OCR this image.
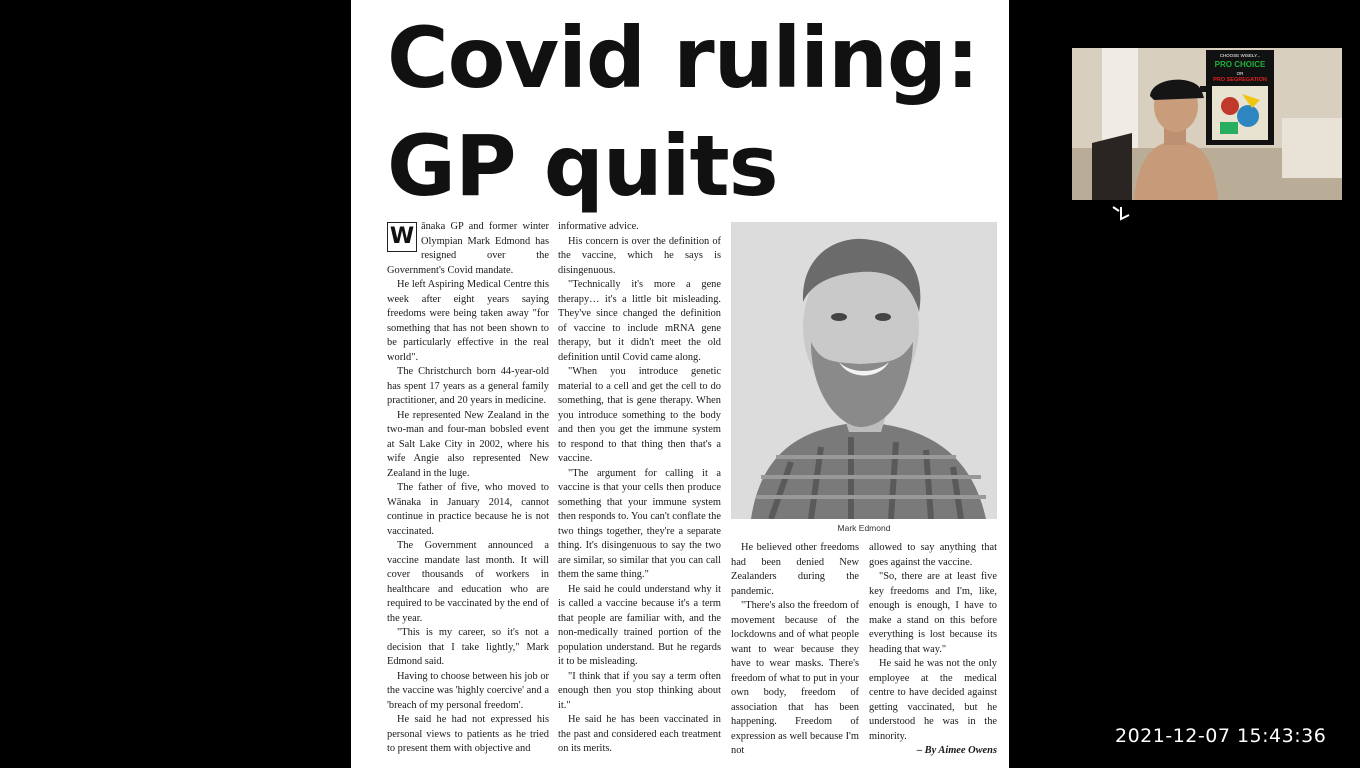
Covid ruling:
GP quits

W ānaka GP and former winter Olympian Mark Edmond has resigned over the Government's Covid mandate.

He left Aspiring Medical Centre this week after eight years saying freedoms were being taken away "for something that has not been shown to be particularly effective in the real world".

The Christchurch born 44-year-old has spent 17 years as a general family practitioner, and 20 years in medicine.

He represented New Zealand in the two-man and four-man bobsled event at Salt Lake City in 2002, where his wife Angie also represented New Zealand in the luge.

The father of five, who moved to Wānaka in January 2014, cannot continue in practice because he is not vaccinated.

The Government announced a vaccine mandate last month. It will cover thousands of workers in healthcare and education who are required to be vaccinated by the end of the year.

"This is my career, so it's not a decision that I take lightly," Mark Edmond said.

Having to choose between his job or the vaccine was 'highly coercive' and a 'breach of my personal freedom'.

He said he had not expressed his personal views to patients as he tried to present them with objective and

informative advice.

His concern is over the definition of the vaccine, which he says is disingenuous.

"Technically it's more a gene therapy… it's a little bit misleading. They've since changed the definition of vaccine to include mRNA gene therapy, but it didn't meet the old definition until Covid came along.

"When you introduce genetic material to a cell and get the cell to do something, that is gene therapy. When you introduce something to the body and then you get the immune system to respond to that thing then that's a vaccine.

"The argument for calling it a vaccine is that your cells then produce something that your immune system then responds to. You can't conflate the two things together, they're a separate thing. It's disingenuous to say the two are similar, so similar that you can call them the same thing."

He said he could understand why it is called a vaccine because it's a term that people are familiar with, and the non-medically trained portion of the population understand. But he regards it to be misleading.

"I think that if you say a term often enough then you stop thinking about it."

He said he has been vaccinated in the past and considered each treatment on its merits.

Mark Edmond

He believed other freedoms had been denied New Zealanders during the pandemic.

"There's also the freedom of movement because of the lockdowns and of what people want to wear because they have to wear masks. There's freedom of what to put in your own body, freedom of association that has been happening. Freedom of expression as well because I'm not

allowed to say anything that goes against the vaccine.

"So, there are at least five key freedoms and I'm, like, enough is enough, I have to make a stand on this before everything is lost because its heading that way."

He said he was not the only employee at the medical centre to have decided against getting vaccinated, but he understood he was in the minority.

– By Aimee Owens

CHOOSE WISELY...
PRO CHOICE
OR
PRO SEGREGATION
2021-12-07 15:43:36
